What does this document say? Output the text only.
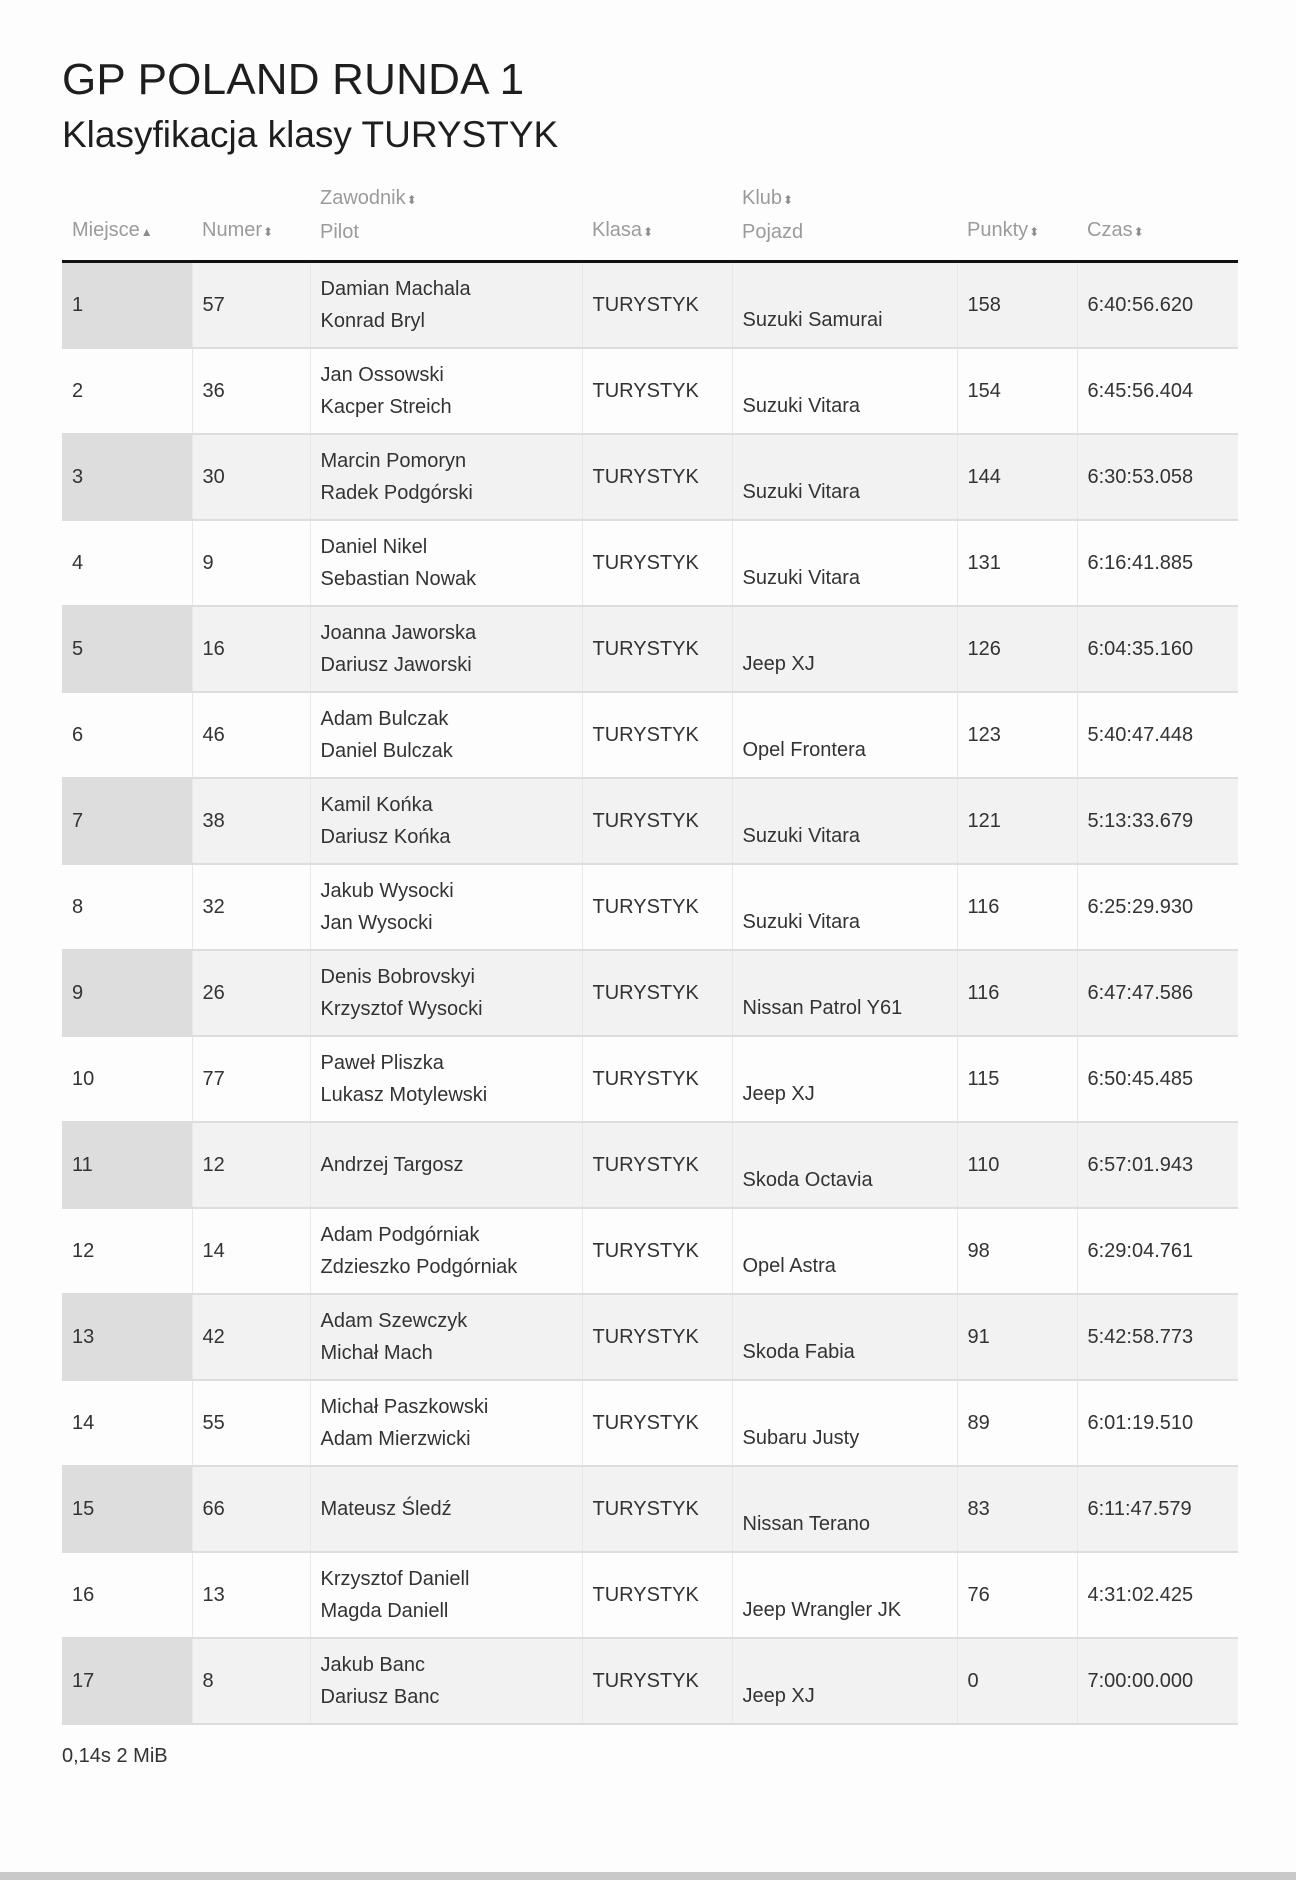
GP POLAND RUNDA 1
Klasyfikacja klasy TURYSTYK
Miejsce▲	Numer⬍	Zawodnik⬍
Pilot	Klasa⬍	Klub⬍
Pojazd	Punkty⬍	Czas⬍
1	57	Damian Machala
Konrad Bryl	TURYSTYK	Suzuki Samurai	158	6:40:56.620
2	36	Jan Ossowski
Kacper Streich	TURYSTYK	Suzuki Vitara	154	6:45:56.404
3	30	Marcin Pomoryn
Radek Podgórski	TURYSTYK	Suzuki Vitara	144	6:30:53.058
4	9	Daniel Nikel
Sebastian Nowak	TURYSTYK	Suzuki Vitara	131	6:16:41.885
5	16	Joanna Jaworska
Dariusz Jaworski	TURYSTYK	Jeep XJ	126	6:04:35.160
6	46	Adam Bulczak
Daniel Bulczak	TURYSTYK	Opel Frontera	123	5:40:47.448
7	38	Kamil Końka
Dariusz Końka	TURYSTYK	Suzuki Vitara	121	5:13:33.679
8	32	Jakub Wysocki
Jan Wysocki	TURYSTYK	Suzuki Vitara	116	6:25:29.930
9	26	Denis Bobrovskyi
Krzysztof Wysocki	TURYSTYK	Nissan Patrol Y61	116	6:47:47.586
10	77	Paweł Pliszka
Lukasz Motylewski	TURYSTYK	Jeep XJ	115	6:50:45.485
11	12	Andrzej Targosz	TURYSTYK	Skoda Octavia	110	6:57:01.943
12	14	Adam Podgórniak
Zdzieszko Podgórniak	TURYSTYK	Opel Astra	98	6:29:04.761
13	42	Adam Szewczyk
Michał Mach	TURYSTYK	Skoda Fabia	91	5:42:58.773
14	55	Michał Paszkowski
Adam Mierzwicki	TURYSTYK	Subaru Justy	89	6:01:19.510
15	66	Mateusz Śledź	TURYSTYK	Nissan Terano	83	6:11:47.579
16	13	Krzysztof Daniell
Magda Daniell	TURYSTYK	Jeep Wrangler JK	76	4:31:02.425
17	8	Jakub Banc
Dariusz Banc	TURYSTYK	Jeep XJ	0	7:00:00.000
0,14s 2 MiB
